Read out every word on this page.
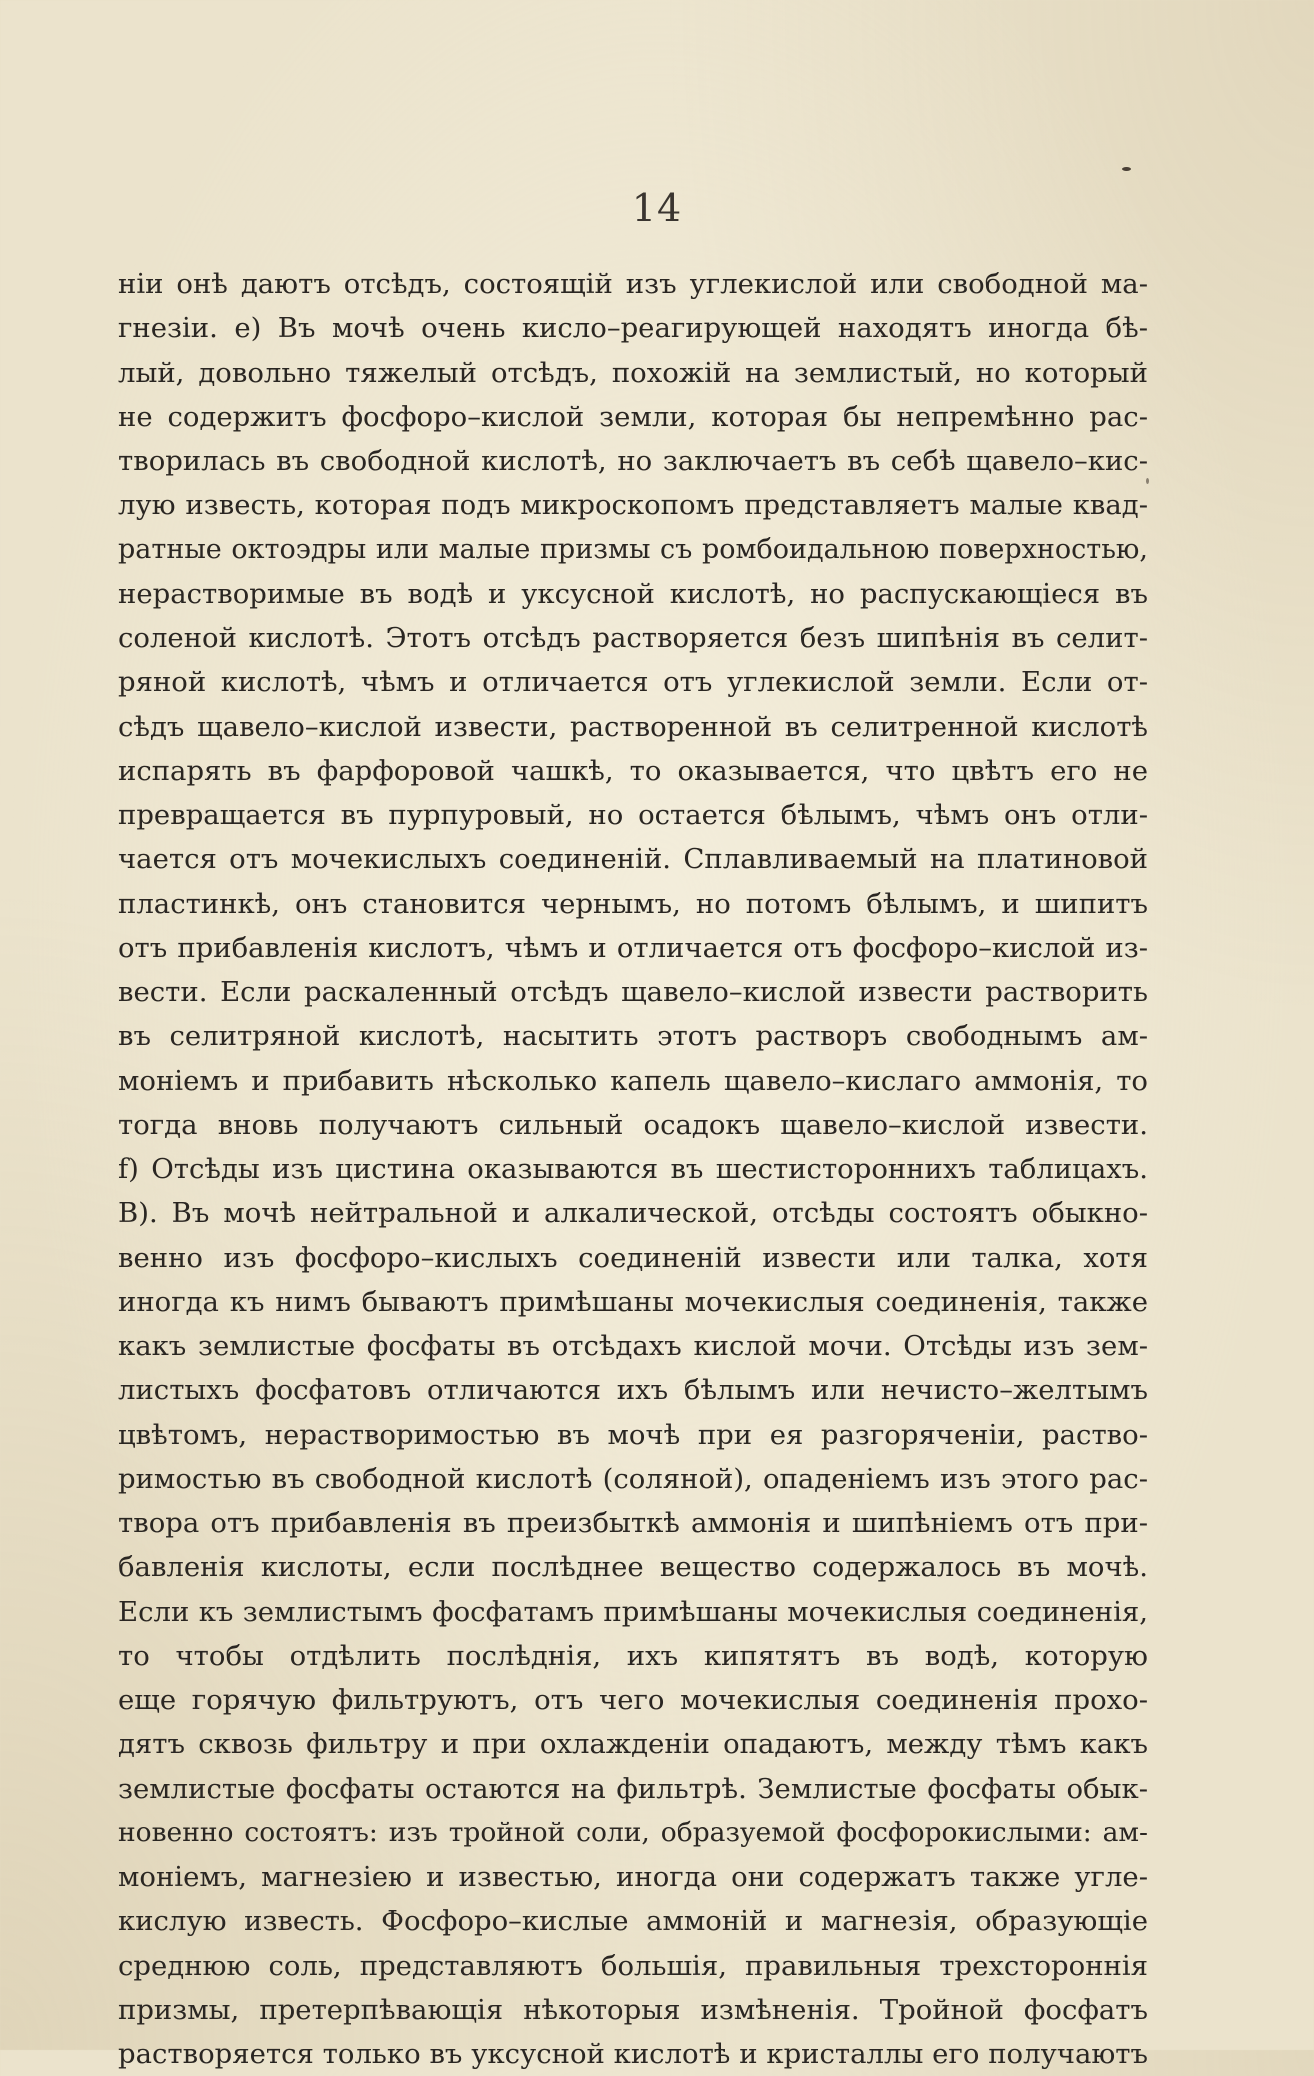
14
ніи онѣ даютъ отсѣдъ, состоящій изъ углекислой или свободной ма-
гнезіи. е) Въ мочѣ очень кисло–реагирующей находятъ иногда бѣ-
лый, довольно тяжелый отсѣдъ, похожій на землистый, но который
не содержитъ фосфоро–кислой земли, которая бы непремѣнно рас-
творилась въ свободной кислотѣ, но заключаетъ въ себѣ щавело–кис-
лую известь, которая подъ микроскопомъ представляетъ малые квад-
ратные октоэдры или малые призмы съ ромбоидальною поверхностью,
нерастворимые въ водѣ и уксусной кислотѣ, но распускающіеся въ
соленой кислотѣ. Этотъ отсѣдъ растворяется безъ шипѣнія въ селит-
ряной кислотѣ, чѣмъ и отличается отъ углекислой земли. Если от-
сѣдъ щавело–кислой извести, растворенной въ селитренной кислотѣ
испарять въ фарфоровой чашкѣ, то оказывается, что цвѣтъ его не
превращается въ пурпуровый, но остается бѣлымъ, чѣмъ онъ отли-
чается отъ мочекислыхъ соединеній. Сплавливаемый на платиновой
пластинкѣ, онъ становится чернымъ, но потомъ бѣлымъ, и шипитъ
отъ прибавленія кислотъ, чѣмъ и отличается отъ фосфоро–кислой из-
вести. Если раскаленный отсѣдъ щавело–кислой извести растворить
въ селитряной кислотѣ, насытить этотъ растворъ свободнымъ ам-
моніемъ и прибавить нѣсколько капель щавело–кислаго аммонія, то
тогда вновь получаютъ сильный осадокъ щавело–кислой извести.
f) Отсѣды изъ цистина оказываются въ шестисторонниxъ таблицахъ.
В). Въ мочѣ нейтральной и алкалической, отсѣды состоятъ обыкно-
венно изъ фосфоро–кислыхъ соединеній извести или талка, хотя
иногда къ нимъ бываютъ примѣшаны мочекислыя соединенія, также
какъ землистые фосфаты въ отсѣдахъ кислой мочи. Отсѣды изъ зем-
листыхъ фосфатовъ отличаются ихъ бѣлымъ или нечисто–желтымъ
цвѣтомъ, нерастворимостью въ мочѣ при ея разгоряченіи, раство-
римостью въ свободной кислотѣ (соляной), опаденіемъ изъ этого рас-
твора отъ прибавленія въ преизбыткѣ аммонія и шипѣніемъ отъ при-
бавленія кислоты, если послѣднее вещество содержалось въ мочѣ.
Если къ землистымъ фосфатамъ примѣшаны мочекислыя соединенія,
то чтобы отдѣлить послѣднія, ихъ кипятятъ въ водѣ, которую
еще горячую фильтруютъ, отъ чего мочекислыя соединенія прохо-
дятъ сквозь фильтру и при охлажденіи опадаютъ, между тѣмъ какъ
землистые фосфаты остаются на фильтрѣ. Землистые фосфаты обык-
новенно состоятъ: изъ тройной соли, образуемой фосфорокислыми: ам-
моніемъ, магнезіею и известью, иногда они содержатъ также угле-
кислую известь. Фосфоро–кислые аммоній и магнезія, образующіе
среднюю соль, представляютъ большія, правильныя трехстороннія
призмы, претерпѣвающія нѣкоторыя измѣненія. Тройной фосфатъ
растворяется только въ уксусной кислотѣ и кристаллы его получаютъ
